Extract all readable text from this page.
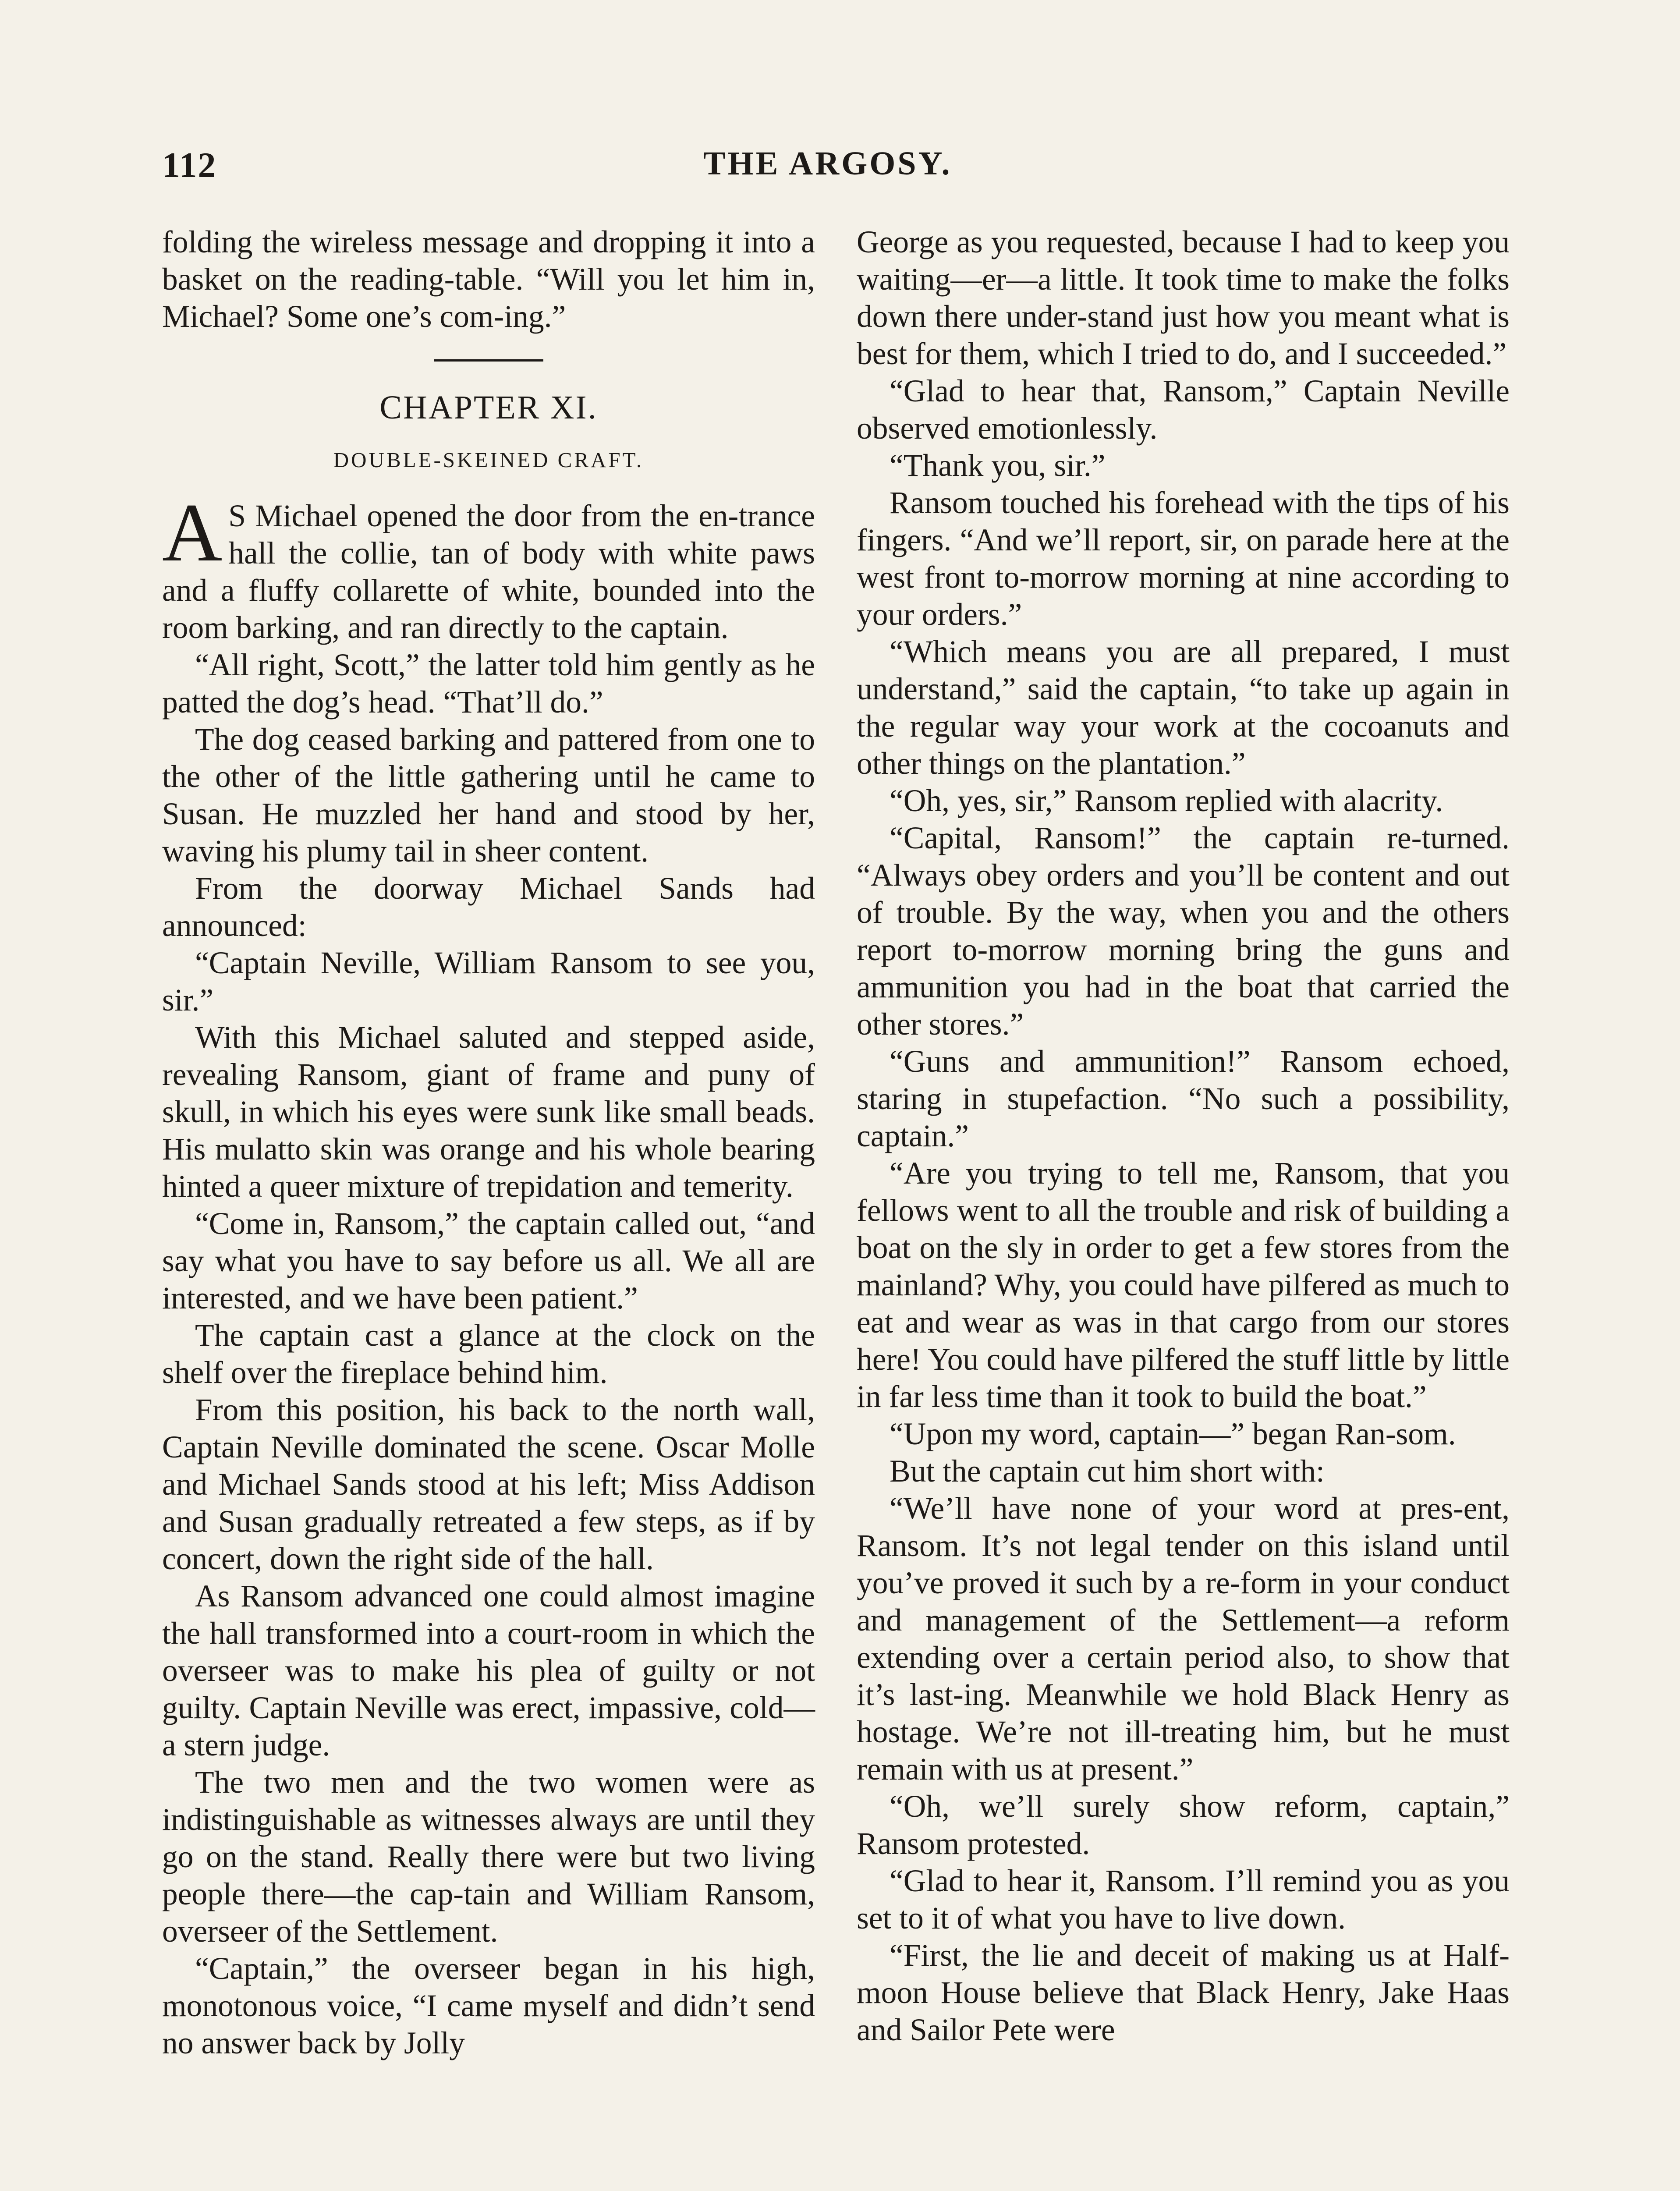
112	THE ARGOSY.

folding the wireless message and dropping it into a basket on the reading-table. “Will you let him in, Michael? Some one’s com-ing.”

CHAPTER XI.
DOUBLE-SKEINED CRAFT.

A S Michael opened the door from the en-trance hall the collie, tan of body with white paws and a fluffy collarette of white, bounded into the room barking, and ran directly to the captain.

“All right, Scott,” the latter told him gently as he patted the dog’s head. “That’ll do.”

The dog ceased barking and pattered from one to the other of the little gathering until he came to Susan. He muzzled her hand and stood by her, waving his plumy tail in sheer content.

From the doorway Michael Sands had announced:

“Captain Neville, William Ransom to see you, sir.”

With this Michael saluted and stepped aside, revealing Ransom, giant of frame and puny of skull, in which his eyes were sunk like small beads. His mulatto skin was orange and his whole bearing hinted a queer mixture of trepidation and temerity.

“Come in, Ransom,” the captain called out, “and say what you have to say before us all. We all are interested, and we have been patient.”

The captain cast a glance at the clock on the shelf over the fireplace behind him.

From this position, his back to the north wall, Captain Neville dominated the scene. Oscar Molle and Michael Sands stood at his left; Miss Addison and Susan gradually retreated a few steps, as if by concert, down the right side of the hall.

As Ransom advanced one could almost imagine the hall transformed into a court-room in which the overseer was to make his plea of guilty or not guilty. Captain Neville was erect, impassive, cold—a stern judge.

The two men and the two women were as indistinguishable as witnesses always are until they go on the stand. Really there were but two living people there—the cap-tain and William Ransom, overseer of the Settlement.

“Captain,” the overseer began in his high, monotonous voice, “I came myself and didn’t send no answer back by Jolly

George as you requested, because I had to keep you waiting—er—a little. It took time to make the folks down there under-stand just how you meant what is best for them, which I tried to do, and I succeeded.”

“Glad to hear that, Ransom,” Captain Neville observed emotionlessly.

“Thank you, sir.”

Ransom touched his forehead with the tips of his fingers. “And we’ll report, sir, on parade here at the west front to-morrow morning at nine according to your orders.”

“Which means you are all prepared, I must understand,” said the captain, “to take up again in the regular way your work at the cocoanuts and other things on the plantation.”

“Oh, yes, sir,” Ransom replied with alacrity.

“Capital, Ransom!” the captain re-turned. “Always obey orders and you’ll be content and out of trouble. By the way, when you and the others report to-morrow morning bring the guns and ammunition you had in the boat that carried the other stores.”

“Guns and ammunition!” Ransom echoed, staring in stupefaction. “No such a possibility, captain.”

“Are you trying to tell me, Ransom, that you fellows went to all the trouble and risk of building a boat on the sly in order to get a few stores from the mainland? Why, you could have pilfered as much to eat and wear as was in that cargo from our stores here! You could have pilfered the stuff little by little in far less time than it took to build the boat.”

“Upon my word, captain—” began Ran-som.

But the captain cut him short with:

“We’ll have none of your word at pres-ent, Ransom. It’s not legal tender on this island until you’ve proved it such by a re-form in your conduct and management of the Settlement—a reform extending over a certain period also, to show that it’s last-ing. Meanwhile we hold Black Henry as hostage. We’re not ill-treating him, but he must remain with us at present.”

“Oh, we’ll surely show reform, captain,” Ransom protested.

“Glad to hear it, Ransom. I’ll remind you as you set to it of what you have to live down.

“First, the lie and deceit of making us at Half-moon House believe that Black Henry, Jake Haas and Sailor Pete were
